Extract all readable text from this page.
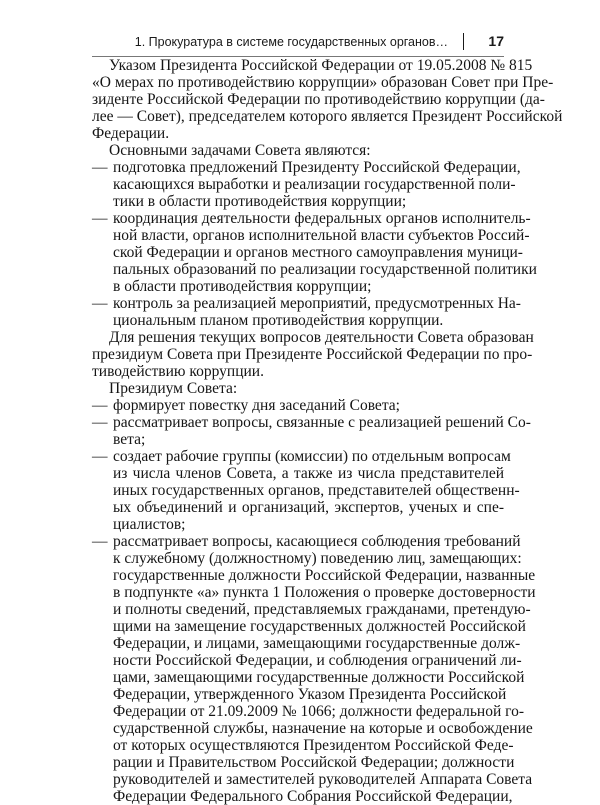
1. Прокуратура в системе государственных органов…	17
Указом Президента Российской Федерации от 19.05.2008 № 815
«О мерах по противодействию коррупции» образован Совет при Пре-
зиденте Российской Федерации по противодействию коррупции (да-
лее — Совет), председателем которого является Президент Российской
Федерации.
Основными задачами Совета являются:
— подготовка предложений Президенту Российской Федерации,
касающихся выработки и реализации государственной поли-
тики в области противодействия коррупции;
— координация деятельности федеральных органов исполнитель-
ной власти, органов исполнительной власти субъектов Россий-
ской Федерации и органов местного самоуправления муници-
пальных образований по реализации государственной политики
в области противодействия коррупции;
— контроль за реализацией мероприятий, предусмотренных На-
циональным планом противодействия коррупции.
Для решения текущих вопросов деятельности Совета образован
президиум Совета при Президенте Российской Федерации по про-
тиводействию коррупции.
Президиум Совета:
— формирует повестку дня заседаний Совета;
— рассматривает вопросы, связанные с реализацией решений Со-
вета;
— создает рабочие группы (комиссии) по отдельным вопросам
из числа членов Совета, а также из числа представителей
иных государственных органов, представителей общественн-
ых объединений и организаций, экспертов, ученых и спе-
циалистов;
— рассматривает вопросы, касающиеся соблюдения требований
к служебному (должностному) поведению лиц, замещающих:
государственные должности Российской Федерации, названные
в подпункте «а» пункта 1 Положения о проверке достоверности
и полноты сведений, представляемых гражданами, претендую-
щими на замещение государственных должностей Российской
Федерации, и лицами, замещающими государственные долж-
ности Российской Федерации, и соблюдения ограничений ли-
цами, замещающими государственные должности Российской
Федерации, утвержденного Указом Президента Российской
Федерации от 21.09.2009 № 1066; должности федеральной го-
сударственной службы, назначение на которые и освобождение
от которых осуществляются Президентом Российской Феде-
рации и Правительством Российской Федерации; должности
руководителей и заместителей руководителей Аппарата Совета
Федерации Федерального Собрания Российской Федерации,
